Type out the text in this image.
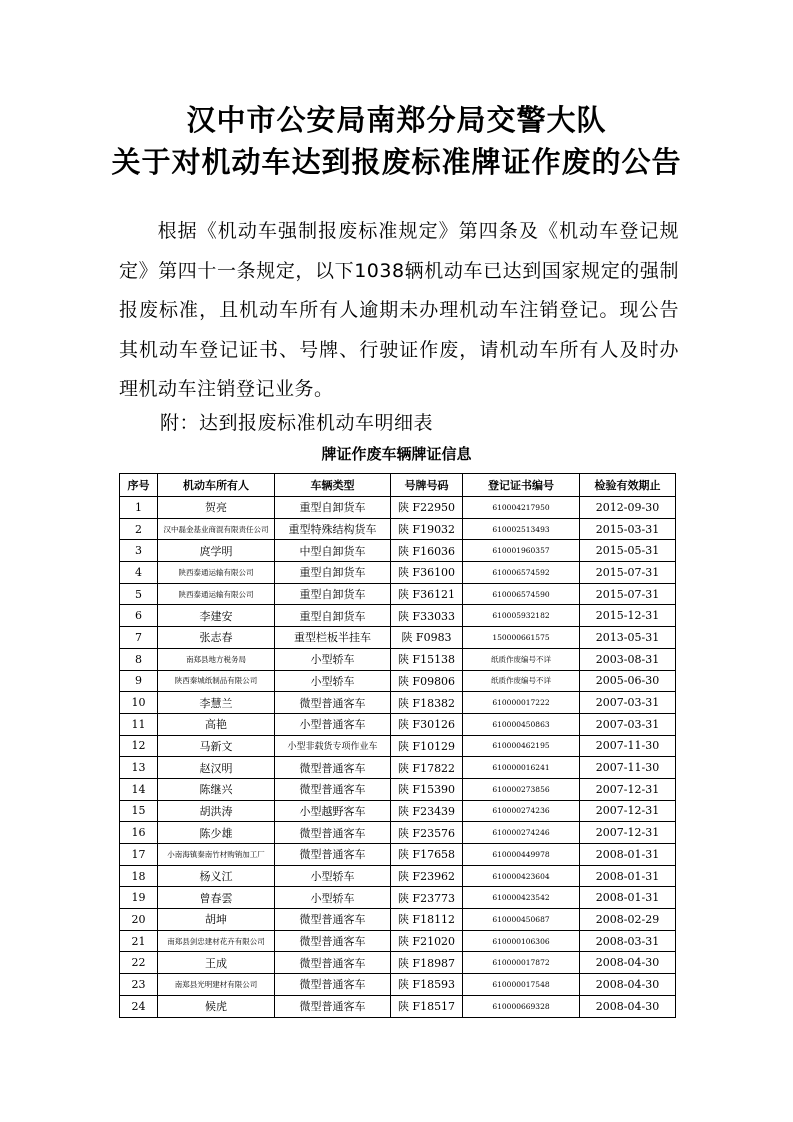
汉中市公安局南郑分局交警大队
关于对机动车达到报废标准牌证作废的公告
根据《机动车强制报废标准规定》第四条及《机动车登记规定》第四十一条规定，以下1038辆机动车已达到国家规定的强制报废标准，且机动车所有人逾期未办理机动车注销登记。现公告其机动车登记证书、号牌、行驶证作废，请机动车所有人及时办理机动车注销登记业务。
附：达到报废标准机动车明细表
牌证作废车辆牌证信息
序号	机动车所有人	车辆类型	号牌号码	登记证书编号	检验有效期止
1	贺亮	重型自卸货车	陕 F22950	610004217950	2012-09-30
2	汉中磊金基业商混有限责任公司	重型特殊结构货车	陕 F19032	610002513493	2015-03-31
3	庹学明	中型自卸货车	陕 F16036	610001960357	2015-05-31
4	陕西泰通运输有限公司	重型自卸货车	陕 F36100	610006574592	2015-07-31
5	陕西泰通运输有限公司	重型自卸货车	陕 F36121	610006574590	2015-07-31
6	李建安	重型自卸货车	陕 F33033	610005932182	2015-12-31
7	张志春	重型栏板半挂车	陕 F0983	150000661575	2013-05-31
8	南郑县地方税务局	小型轿车	陕 F15138	纸质作废编号不详	2003-08-31
9	陕西秦城纸制品有限公司	小型轿车	陕 F09806	纸质作废编号不详	2005-06-30
10	李慧兰	微型普通客车	陕 F18382	610000017222	2007-03-31
11	高艳	小型普通客车	陕 F30126	610000450863	2007-03-31
12	马新文	小型非载货专项作业车	陕 F10129	610000462195	2007-11-30
13	赵汉明	微型普通客车	陕 F17822	610000016241	2007-11-30
14	陈继兴	微型普通客车	陕 F15390	610000273856	2007-12-31
15	胡洪涛	小型越野客车	陕 F23439	610000274236	2007-12-31
16	陈少雄	微型普通客车	陕 F23576	610000274246	2007-12-31
17	小南海镇秦南竹材购销加工厂	微型普通客车	陕 F17658	610000449978	2008-01-31
18	杨义江	小型轿车	陕 F23962	610000423604	2008-01-31
19	曾春雲	小型轿车	陕 F23773	610000423542	2008-01-31
20	胡坤	微型普通客车	陕 F18112	610000450687	2008-02-29
21	南郑县剑忠建材花卉有限公司	微型普通客车	陕 F21020	610000106306	2008-03-31
22	王成	微型普通客车	陕 F18987	610000017872	2008-04-30
23	南郑县光明建材有限公司	微型普通客车	陕 F18593	610000017548	2008-04-30
24	候虎	微型普通客车	陕 F18517	610000669328	2008-04-30
